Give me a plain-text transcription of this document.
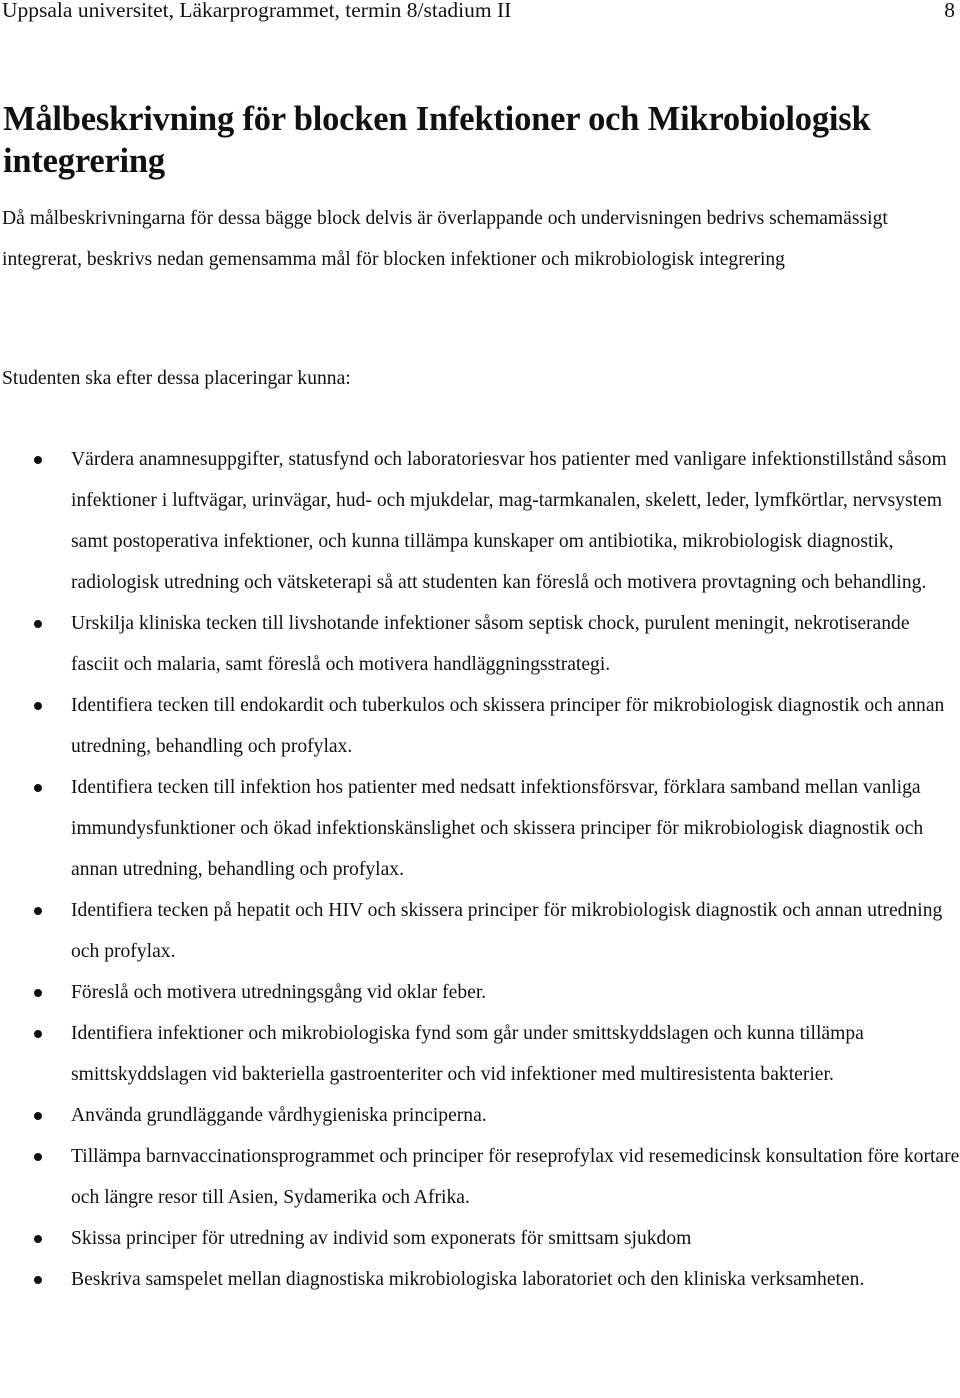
Uppsala universitet, Läkarprogrammet, termin 8/stadium II	8
Målbeskrivning för blocken Infektioner och Mikrobiologisk integrering

Då målbeskrivningarna för dessa bägge block delvis är överlappande och undervisningen bedrivs schemamässigt integrerat, beskrivs nedan gemensamma mål för blocken infektioner och mikrobiologisk integrering

Studenten ska efter dessa placeringar kunna:

Värdera anamnesuppgifter, statusfynd och laboratoriesvar hos patienter med vanligare infektionstillstånd såsom infektioner i luftvägar, urinvägar, hud- och mjukdelar, mag-tarmkanalen, skelett, leder, lymfkörtlar, nervsystem samt postoperativa infektioner, och kunna tillämpa kunskaper om antibiotika, mikrobiologisk diagnostik, radiologisk utredning och vätsketerapi så att studenten kan föreslå och motivera provtagning och behandling.
Urskilja kliniska tecken till livshotande infektioner såsom septisk chock, purulent meningit, nekrotiserande fasciit och malaria, samt föreslå och motivera handläggningsstrategi.
Identifiera tecken till endokardit och tuberkulos och skissera principer för mikrobiologisk diagnostik och annan utredning, behandling och profylax.
Identifiera tecken till infektion hos patienter med nedsatt infektionsförsvar, förklara samband mellan vanliga immundysfunktioner och ökad infektionskänslighet och skissera principer för mikrobiologisk diagnostik och annan utredning, behandling och profylax.
Identifiera tecken på hepatit och HIV och skissera principer för mikrobiologisk diagnostik och annan utredning och profylax.
Föreslå och motivera utredningsgång vid oklar feber.
Identifiera infektioner och mikrobiologiska fynd som går under smittskyddslagen och kunna tillämpa smittskyddslagen vid bakteriella gastroenteriter och vid infektioner med multiresistenta bakterier.
Använda grundläggande vårdhygieniska principerna.
Tillämpa barnvaccinationsprogrammet och principer för reseprofylax vid resemedicinsk konsultation före kortare och längre resor till Asien, Sydamerika och Afrika.
Skissa principer för utredning av individ som exponerats för smittsam sjukdom
Beskriva samspelet mellan diagnostiska mikrobiologiska laboratoriet och den kliniska verksamheten.
